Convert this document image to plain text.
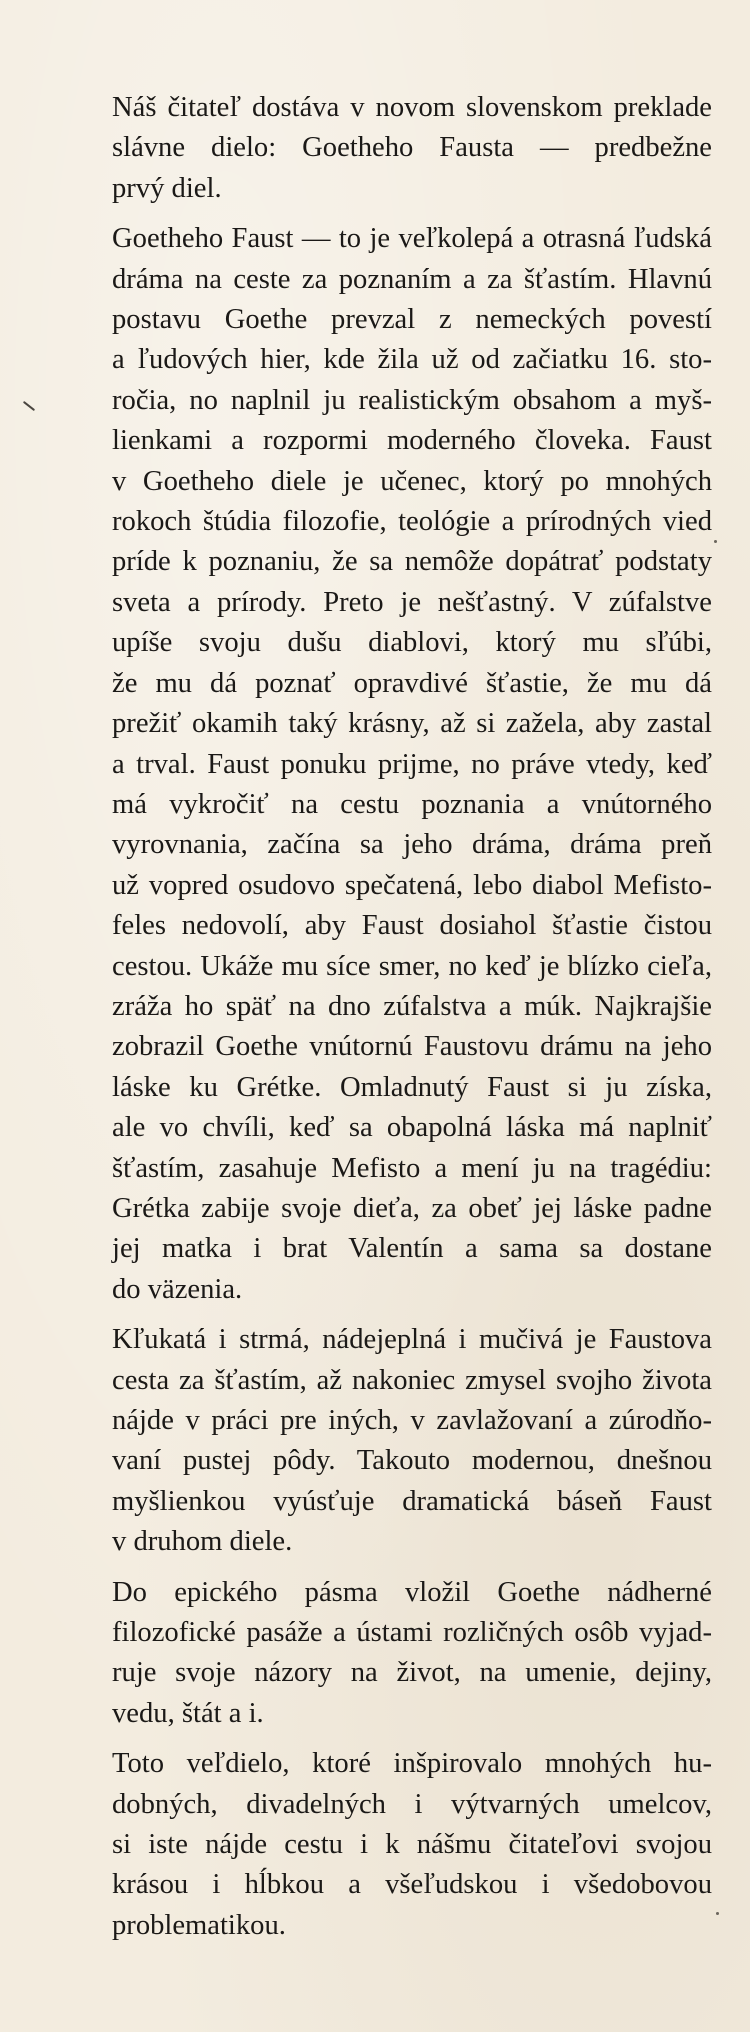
Náš čitateľ dostáva v novom slovenskom preklade
slávne dielo: Goetheho Fausta — predbežne
prvý diel.

Goetheho Faust — to je veľkolepá a otrasná ľudská
dráma na ceste za poznaním a za šťastím. Hlavnú
postavu Goethe prevzal z nemeckých povestí
a ľudových hier, kde žila už od začiatku 16. sto-
ročia, no naplnil ju realistickým obsahom a myš-
lienkami a rozpormi moderného človeka. Faust
v Goetheho diele je učenec, ktorý po mnohých
rokoch štúdia filozofie, teológie a prírodných vied
príde k poznaniu, že sa nemôže dopátrať podstaty
sveta a prírody. Preto je nešťastný. V zúfalstve
upíše svoju dušu diablovi, ktorý mu sľúbi,
že mu dá poznať opravdivé šťastie, že mu dá
prežiť okamih taký krásny, až si zažela, aby zastal
a trval. Faust ponuku prijme, no práve vtedy, keď
má vykročiť na cestu poznania a vnútorného
vyrovnania, začína sa jeho dráma, dráma preň
už vopred osudovo spečatená, lebo diabol Mefisto-
feles nedovolí, aby Faust dosiahol šťastie čistou
cestou. Ukáže mu síce smer, no keď je blízko cieľa,
zráža ho späť na dno zúfalstva a múk. Najkrajšie
zobrazil Goethe vnútornú Faustovu drámu na jeho
láske ku Grétke. Omladnutý Faust si ju získa,
ale vo chvíli, keď sa obapolná láska má naplniť
šťastím, zasahuje Mefisto a mení ju na tragédiu:
Grétka zabije svoje dieťa, za obeť jej láske padne
jej matka i brat Valentín a sama sa dostane
do väzenia.

Kľukatá i strmá, nádejeplná i mučivá je Faustova
cesta za šťastím, až nakoniec zmysel svojho života
nájde v práci pre iných, v zavlažovaní a zúrodňo-
vaní pustej pôdy. Takouto modernou, dnešnou
myšlienkou vyúsťuje dramatická báseň Faust
v druhom diele.

Do epického pásma vložil Goethe nádherné
filozofické pasáže a ústami rozličných osôb vyjad-
ruje svoje názory na život, na umenie, dejiny,
vedu, štát a i.

Toto veľdielo, ktoré inšpirovalo mnohých hu-
dobných, divadelných i výtvarných umelcov,
si iste nájde cestu i k nášmu čitateľovi svojou
krásou i hĺbkou a všeľudskou i všedobovou
problematikou.
